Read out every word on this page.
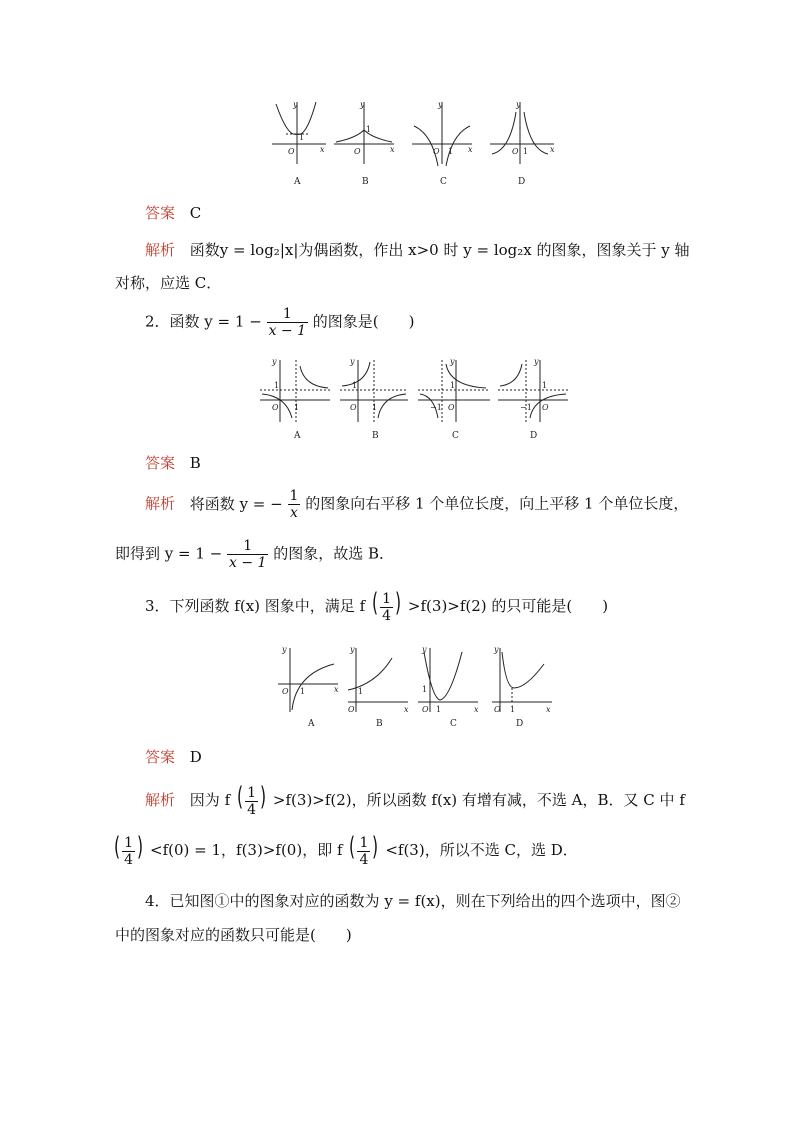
y
x
O
1
y
x
O
1
y
x
O 1
y
x
O 1
A	B	C	D
答案 C
解析 函数y = log₂|x|为偶函数，作出 x>0 时 y = log₂x 的图象，图象关于 y 轴
对称，应选 C．
2．函数 $y = 1 - \frac{1}{x - 1}$ 的图象是(　　)
y
1
O 1
y
1
O 1
y
1
−1 O
y
1
−1 O
A	B	C	D
答案 B
解析 将函数 y = − $\frac{1}{x}$ 的图象向右平移 1 个单位长度，向上平移 1 个单位长度，
即得到 $y = 1 - \frac{1}{x - 1}$ 的图象，故选 B．
3．下列函数 f(x) 图象中，满足 f ( $\frac{1}{4}$ ) >f(3)>f(2) 的只可能是(　　)
y
O 1	x
y
1
O	x
y
1
O 1	x
y
O 1	x
A	B	C	D
答案 D
解析 因为 f ( $\frac{1}{4}$ ) >f(3)>f(2)，所以函数 f(x) 有增有减，不选 A，B．又 C 中 f
( $\frac{1}{4}$ ) <f(0) = 1，f(3)>f(0)，即 f ( $\frac{1}{4}$ ) <f(3)，所以不选 C，选 D．
4．已知图①中的图象对应的函数为 y = f(x)，则在下列给出的四个选项中，图②
中的图象对应的函数只可能是(　　)
